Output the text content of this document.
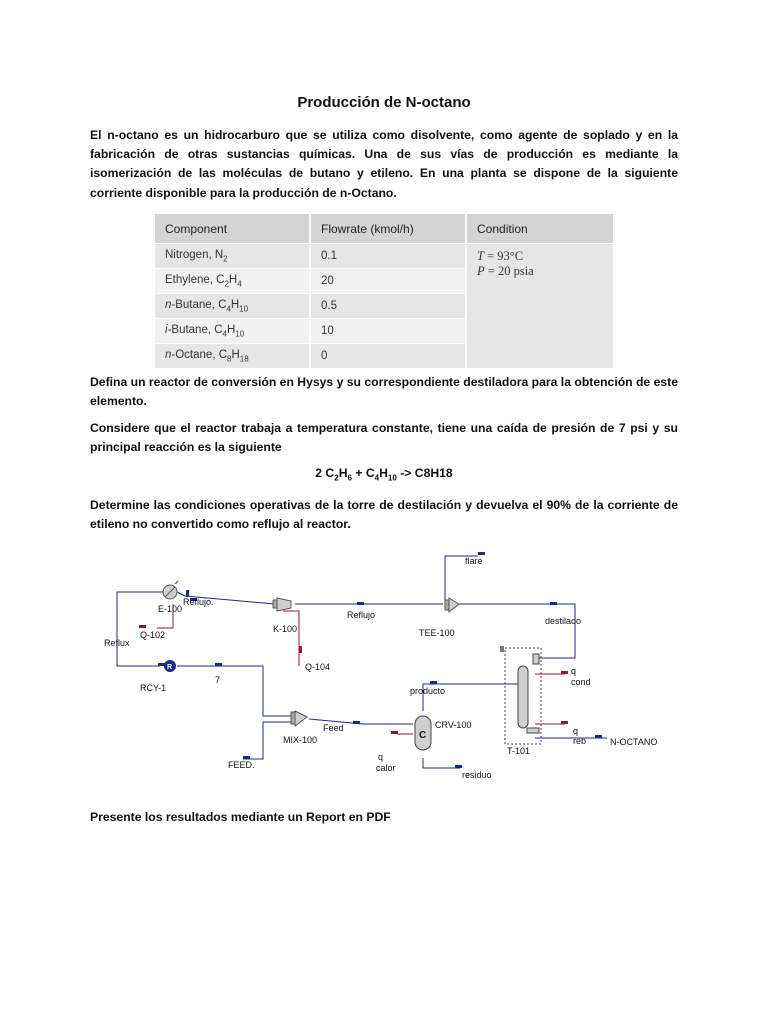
Producción de N-octano
El n-octano es un hidrocarburo que se utiliza como disolvente, como agente de soplado y en la fabricación de otras sustancias químicas. Una de sus vías de producción es mediante la isomerización de las moléculas de butano y etileno. En una planta se dispone de la siguiente corriente disponible para la producción de n-Octano.
Component	Flowrate (kmol/h)	Condition
Nitrogen, $N_2$	0.1	T = 93°C
P = 20 psia

Ethylene, $C_2H_4$	20	
n-Butane, $C_4H_{10}$	0.5	
i-Butane, $C_4H_{10}$	10	
n-Octane, $C_8H_{18}$	0	
Defina un reactor de conversión en Hysys y su correspondiente destiladora para la obtención de este elemento.
Considere que el reactor trabaja a temperatura constante, tiene una caída de presión de 7 psi y su principal reacción es la siguiente
2 $C_2H_6 + C_4H_{10} -> C8H18$
Determine las condiciones operativas de la torre de destilación y devuelva el 90% de la corriente de etileno no convertido como reflujo al reactor.
R
C
flare
Reflujo.
E-100
Reflujo
Q-102
K-100	TEE-100
destilado
Reflux
Q-104
RCY-1
7
producto
q
cond
Feed	CRV-100
MIX-100
q
reb	N-OCTANO
T-101
FEED.
q
calor
residuo
Presente los resultados mediante un Report en PDF
